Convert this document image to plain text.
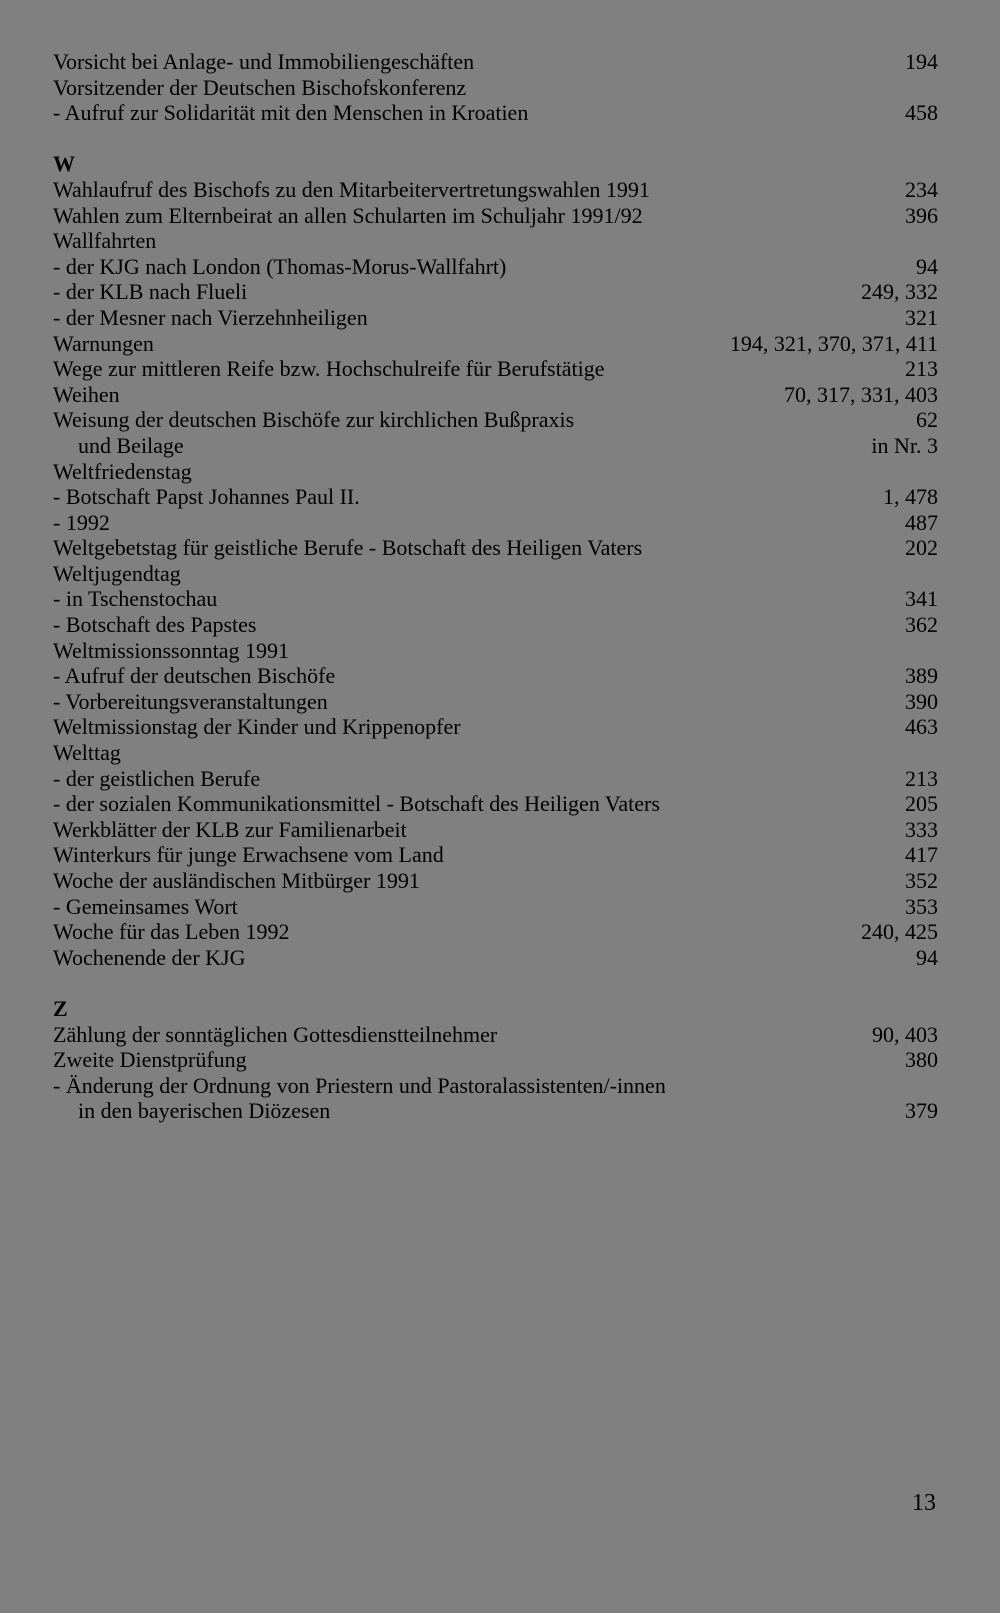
Vorsicht bei Anlage- und Immobiliengeschäften	194
Vorsitzender der Deutschen Bischofskonferenz
- Aufruf zur Solidarität mit den Menschen in Kroatien	458
W
Wahlaufruf des Bischofs zu den Mitarbeitervertretungswahlen 1991	234
Wahlen zum Elternbeirat an allen Schularten im Schuljahr 1991/92	396
Wallfahrten
- der KJG nach London (Thomas-Morus-Wallfahrt)	94
- der KLB nach Flueli	249, 332
- der Mesner nach Vierzehnheiligen	321
Warnungen	194, 321, 370, 371, 411
Wege zur mittleren Reife bzw. Hochschulreife für Berufstätige	213
Weihen	70, 317, 331, 403
Weisung der deutschen Bischöfe zur kirchlichen Bußpraxis	62
und Beilage	in Nr. 3
Weltfriedenstag
- Botschaft Papst Johannes Paul II.	1, 478
- 1992	487
Weltgebetstag für geistliche Berufe - Botschaft des Heiligen Vaters	202
Weltjugendtag
- in Tschenstochau	341
- Botschaft des Papstes	362
Weltmissionssonntag 1991
- Aufruf der deutschen Bischöfe	389
- Vorbereitungsveranstaltungen	390
Weltmissionstag der Kinder und Krippenopfer	463
Welttag
- der geistlichen Berufe	213
- der sozialen Kommunikationsmittel - Botschaft des Heiligen Vaters	205
Werkblätter der KLB zur Familienarbeit	333
Winterkurs für junge Erwachsene vom Land	417
Woche der ausländischen Mitbürger 1991	352
- Gemeinsames Wort	353
Woche für das Leben 1992	240, 425
Wochenende der KJG	94
Z
Zählung der sonntäglichen Gottesdienstteilnehmer	90, 403
Zweite Dienstprüfung	380
- Änderung der Ordnung von Priestern und Pastoralassistenten/-innen
in den bayerischen Diözesen	379
13
